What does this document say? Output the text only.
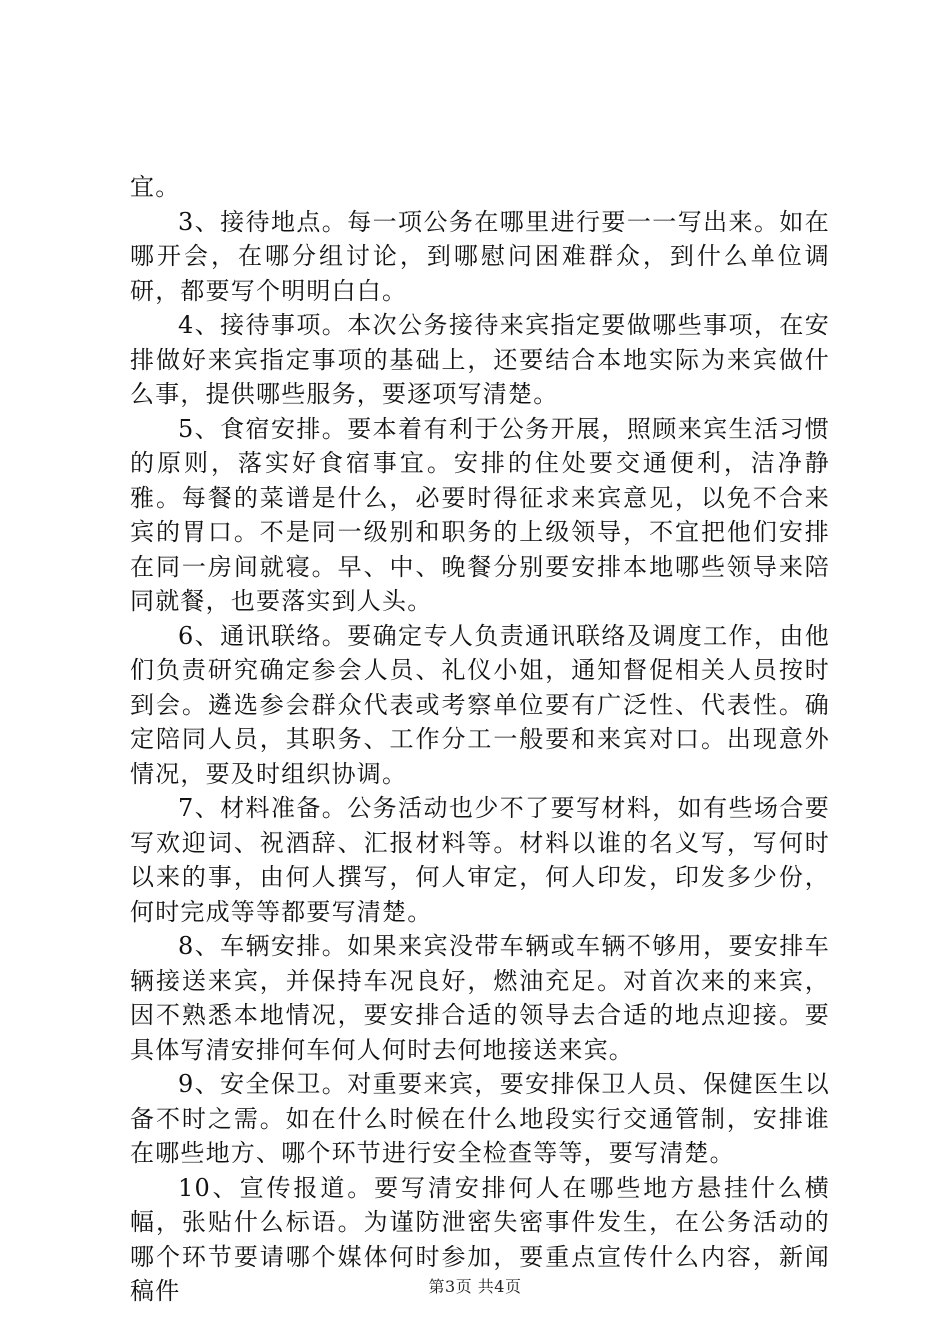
宜。

3、接待地点。每一项公务在哪里进行要一一写出来。如在哪开会，在哪分组讨论，到哪慰问困难群众，到什么单位调研，都要写个明明白白。

4、接待事项。本次公务接待来宾指定要做哪些事项，在安排做好来宾指定事项的基础上，还要结合本地实际为来宾做什么事，提供哪些服务，要逐项写清楚。

5、食宿安排。要本着有利于公务开展，照顾来宾生活习惯的原则，落实好食宿事宜。安排的住处要交通便利，洁净静雅。每餐的菜谱是什么，必要时得征求来宾意见，以免不合来宾的胃口。不是同一级别和职务的上级领导，不宜把他们安排在同一房间就寝。早、中、晚餐分别要安排本地哪些领导来陪同就餐，也要落实到人头。

6、通讯联络。要确定专人负责通讯联络及调度工作，由他们负责研究确定参会人员、礼仪小姐，通知督促相关人员按时到会。遴选参会群众代表或考察单位要有广泛性、代表性。确定陪同人员，其职务、工作分工一般要和来宾对口。出现意外情况，要及时组织协调。

7、材料准备。公务活动也少不了要写材料，如有些场合要写欢迎词、祝酒辞、汇报材料等。材料以谁的名义写，写何时以来的事，由何人撰写，何人审定，何人印发，印发多少份，何时完成等等都要写清楚。

8、车辆安排。如果来宾没带车辆或车辆不够用，要安排车辆接送来宾，并保持车况良好，燃油充足。对首次来的来宾，因不熟悉本地情况，要安排合适的领导去合适的地点迎接。要具体写清安排何车何人何时去何地接送来宾。

9、安全保卫。对重要来宾，要安排保卫人员、保健医生以备不时之需。如在什么时候在什么地段实行交通管制，安排谁在哪些地方、哪个环节进行安全检查等等，要写清楚。

10、宣传报道。要写清安排何人在哪些地方悬挂什么横幅，张贴什么标语。为谨防泄密失密事件发生，在公务活动的哪个环节要请哪个媒体何时参加，要重点宣传什么内容，新闻稿件	第3页 共4页
